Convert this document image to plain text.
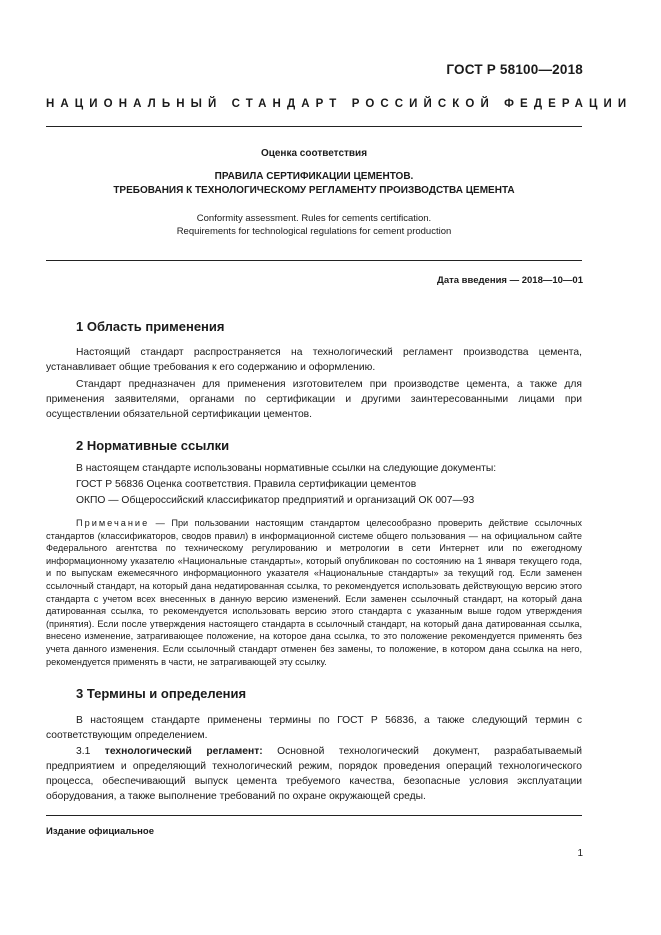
ГОСТ Р 58100—2018
НАЦИОНАЛЬНЫЙ СТАНДАРТ РОССИЙСКОЙ ФЕДЕРАЦИИ
Оценка соответствия
ПРАВИЛА СЕРТИФИКАЦИИ ЦЕМЕНТОВ.
ТРЕБОВАНИЯ К ТЕХНОЛОГИЧЕСКОМУ РЕГЛАМЕНТУ ПРОИЗВОДСТВА ЦЕМЕНТА
Conformity assessment. Rules for cements certification.
Requirements for technological regulations for cement production
Дата введения — 2018—10—01
1 Область применения
Настоящий стандарт распространяется на технологический регламент производства цемента, устанавливает общие требования к его содержанию и оформлению.
Стандарт предназначен для применения изготовителем при производстве цемента, а также для применения заявителями, органами по сертификации и другими заинтересованными лицами при осуществлении обязательной сертификации цементов.
2 Нормативные ссылки
В настоящем стандарте использованы нормативные ссылки на следующие документы:
ГОСТ Р 56836 Оценка соответствия. Правила сертификации цементов
ОКПО — Общероссийский классификатор предприятий и организаций ОК 007—93
Примечание — При пользовании настоящим стандартом целесообразно проверить действие ссылочных стандартов (классификаторов, сводов правил) в информационной системе общего пользования — на официальном сайте Федерального агентства по техническому регулированию и метрологии в сети Интернет или по ежегодному информационному указателю «Национальные стандарты», который опубликован по состоянию на 1 января текущего года, и по выпускам ежемесячного информационного указателя «Национальные стандарты» за текущий год. Если заменен ссылочный стандарт, на который дана недатированная ссылка, то рекомендуется использовать действующую версию этого стандарта с учетом всех внесенных в данную версию изменений. Если заменен ссылочный стандарт, на который дана датированная ссылка, то рекомендуется использовать версию этого стандарта с указанным выше годом утверждения (принятия). Если после утверждения настоящего стандарта в ссылочный стандарт, на который дана датированная ссылка, внесено изменение, затрагивающее положение, на которое дана ссылка, то это положение рекомендуется применять без учета данного изменения. Если ссылочный стандарт отменен без замены, то положение, в котором дана ссылка на него, рекомендуется применять в части, не затрагивающей эту ссылку.
3 Термины и определения
В настоящем стандарте применены термины по ГОСТ Р 56836, а также следующий термин с соответствующим определением.
3.1 технологический регламент: Основной технологический документ, разрабатываемый предприятием и определяющий технологический режим, порядок проведения операций технологического процесса, обеспечивающий выпуск цемента требуемого качества, безопасные условия эксплуатации оборудования, а также выполнение требований по охране окружающей среды.
Издание официальное
1
